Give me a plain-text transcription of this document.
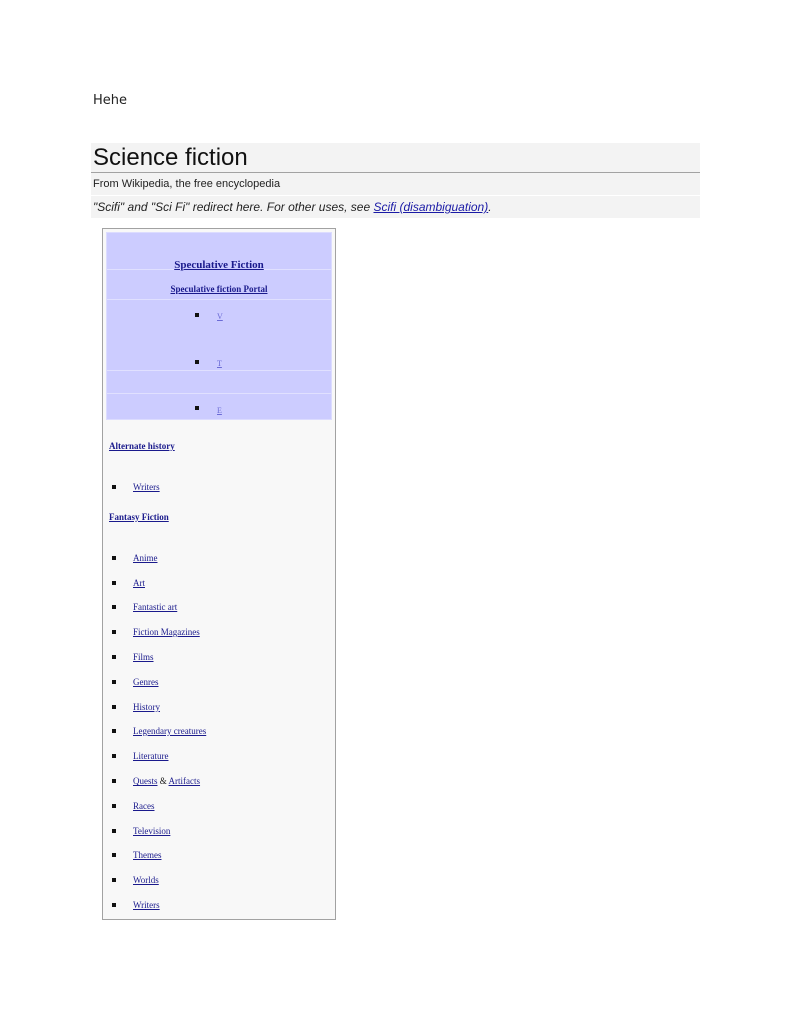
Hehe
Science fiction
From Wikipedia, the free encyclopedia
"Scifi" and "Sci Fi" redirect here. For other uses, see Scifi (disambiguation).
Speculative Fiction
Speculative fiction Portal
V
T
E
Alternate history
Writers
Fantasy Fiction
Anime
Art
Fantastic art
Fiction Magazines
Films
Genres
History
Legendary creatures
Literature
Quests & Artifacts
Races
Television
Themes
Worlds
Writers
